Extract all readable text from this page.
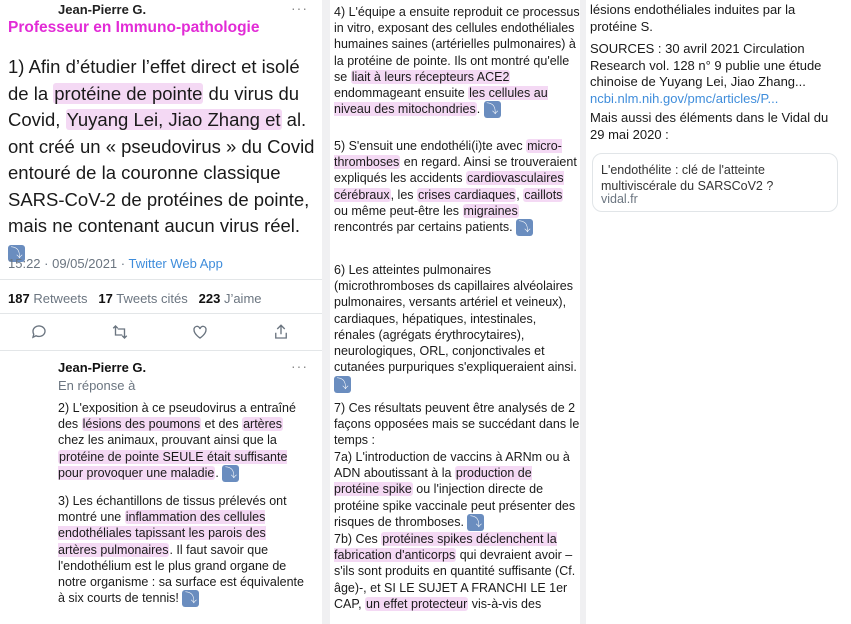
Jean-Pierre G.	···
Professeur en Immuno-pathologie
1) Afin d’étudier l’effet direct et isolé de la protéine de pointe du virus du Covid, Yuyang Lei, Jiao Zhang et al. ont créé un « pseudovirus » du Covid entouré de la couronne classique SARS-CoV-2 de protéines de pointe, mais ne contenant aucun virus réel. ⤵
15:22 · 09/05/2021 · Twitter Web App
187 Retweets 17 Tweets cités 223 J’aime
Jean-Pierre G.	···
En réponse à
2) L'exposition à ce pseudovirus a entraîné des lésions des poumons et des artères chez les animaux, prouvant ainsi que la protéine de pointe SEULE était suffisante pour provoquer une maladie. ⤵
3) Les échantillons de tissus prélevés ont montré une inflammation des cellules endothéliales tapissant les parois des artères pulmonaires. Il faut savoir que l'endothélium est le plus grand organe de notre organisme : sa surface est équivalente à six courts de tennis! ⤵
4) L'équipe a ensuite reproduit ce processus in vitro, exposant des cellules endothéliales humaines saines (artérielles pulmonaires) à la protéine de pointe. Ils ont montré qu'elle se liait à leurs récepteurs ACE2 endommageant ensuite les cellules au niveau des mitochondries. ⤵
5) S'ensuit une endothéli(i)te avec micro-thromboses en regard. Ainsi se trouveraient expliqués les accidents cardiovasculaires cérébraux, les crises cardiaques, caillots ou même peut-être les migraines rencontrés par certains patients. ⤵
6) Les atteintes pulmonaires (microthromboses ds capillaires alvéolaires pulmonaires, versants artériel et veineux), cardiaques, hépatiques, intestinales, rénales (agrégats érythrocytaires), neurologiques, ORL, conjonctivales et cutanées purpuriques s'expliqueraient ainsi. ⤵
7) Ces résultats peuvent être analysés de 2 façons opposées mais se succédant dans le temps :
7a) L'introduction de vaccins à ARNm ou à ADN aboutissant à la production de protéine spike ou l'injection directe de protéine spike vaccinale peut présenter des risques de thromboses. ⤵
7b) Ces protéines spikes déclenchent la fabrication d'anticorps qui devraient avoir – s'ils sont produits en quantité suffisante (Cf. âge)-, et SI LE SUJET A FRANCHI LE 1er CAP, un effet protecteur vis-à-vis des
lésions endothéliales induites par la protéine S.
SOURCES : 30 avril 2021 Circulation Research vol. 128 n° 9 publie une étude chinoise de Yuyang Lei, Jiao Zhang...
ncbi.nlm.nih.gov/pmc/articles/P...
Mais aussi des éléments dans le Vidal du 29 mai 2020 :
L'endothélite : clé de l'atteinte multiviscérale du SARSCoV2 ?
vidal.fr
